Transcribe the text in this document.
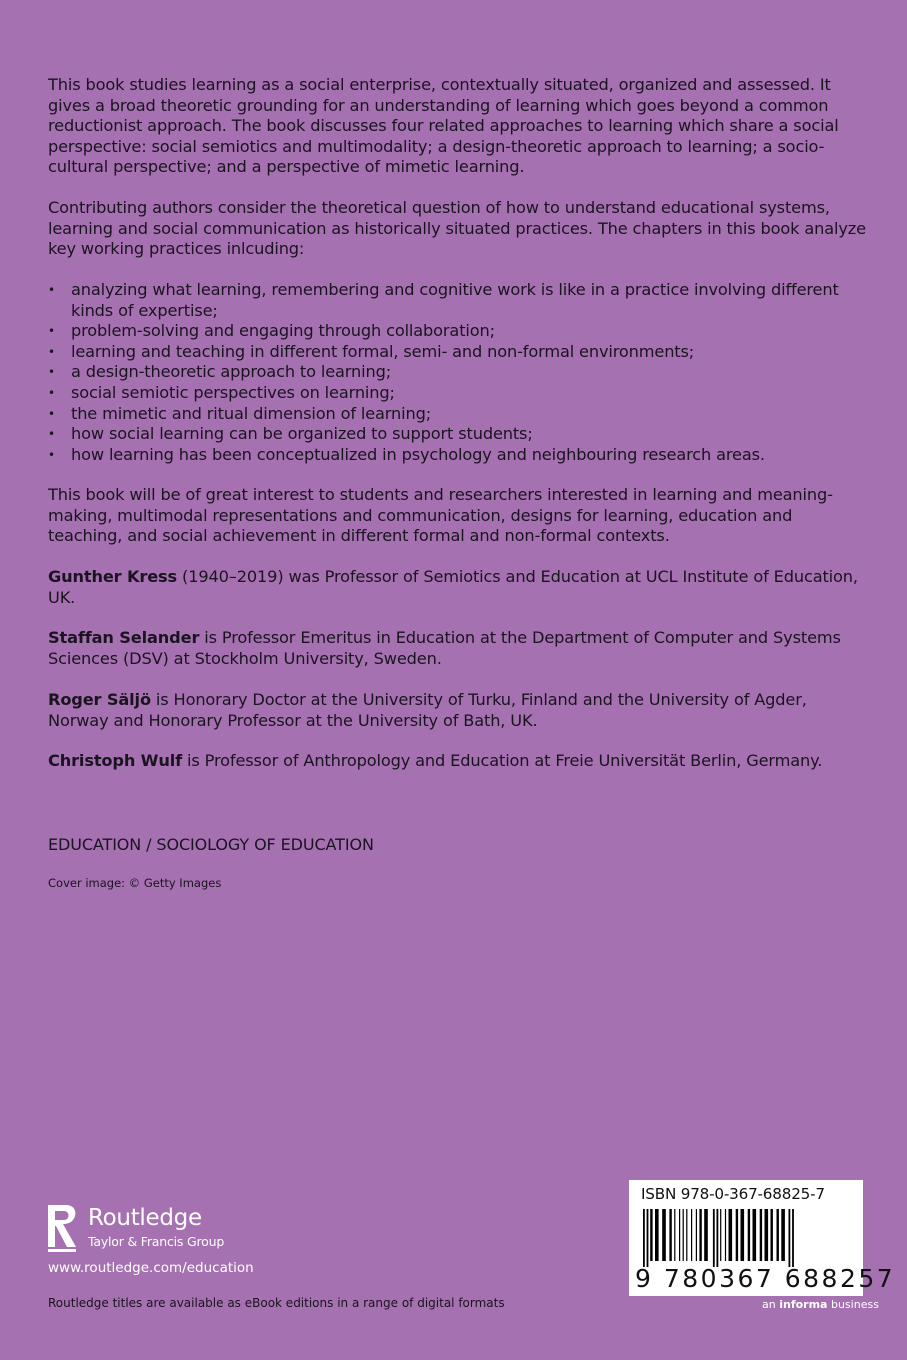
This book studies learning as a social enterprise, contextually situated, organized and assessed. It gives a broad theoretic grounding for an understanding of learning which goes beyond a common reductionist approach. The book discusses four related approaches to learning which share a social perspective: social semiotics and multimodality; a design-theoretic approach to learning; a socio-cultural perspective; and a perspective of mimetic learning.
Contributing authors consider the theoretical question of how to understand educational systems, learning and social communication as historically situated practices. The chapters in this book analyze key working practices inlcuding:
• analyzing what learning, remembering and cognitive work is like in a practice involving different kinds of expertise;
• problem-solving and engaging through collaboration;
• learning and teaching in different formal, semi- and non-formal environments;
• a design-theoretic approach to learning;
• social semiotic perspectives on learning;
• the mimetic and ritual dimension of learning;
• how social learning can be organized to support students;
• how learning has been conceptualized in psychology and neighbouring research areas.
This book will be of great interest to students and researchers interested in learning and meaning-making, multimodal representations and communication, designs for learning, education and teaching, and social achievement in different formal and non-formal contexts.
Gunther Kress (1940–2019) was Professor of Semiotics and Education at UCL Institute of Education, UK.
Staffan Selander is Professor Emeritus in Education at the Department of Computer and Systems Sciences (DSV) at Stockholm University, Sweden.
Roger Säljö is Honorary Doctor at the University of Turku, Finland and the University of Agder, Norway and Honorary Professor at the University of Bath, UK.
Christoph Wulf is Professor of Anthropology and Education at Freie Universität Berlin, Germany.
EDUCATION / SOCIOLOGY OF EDUCATION
Cover image: © Getty Images
Routledge
Taylor & Francis Group
www.routledge.com/education
Routledge titles are available as eBook editions in a range of digital formats
ISBN 978-0-367-68825-7
9 780367 688257
an informa business
